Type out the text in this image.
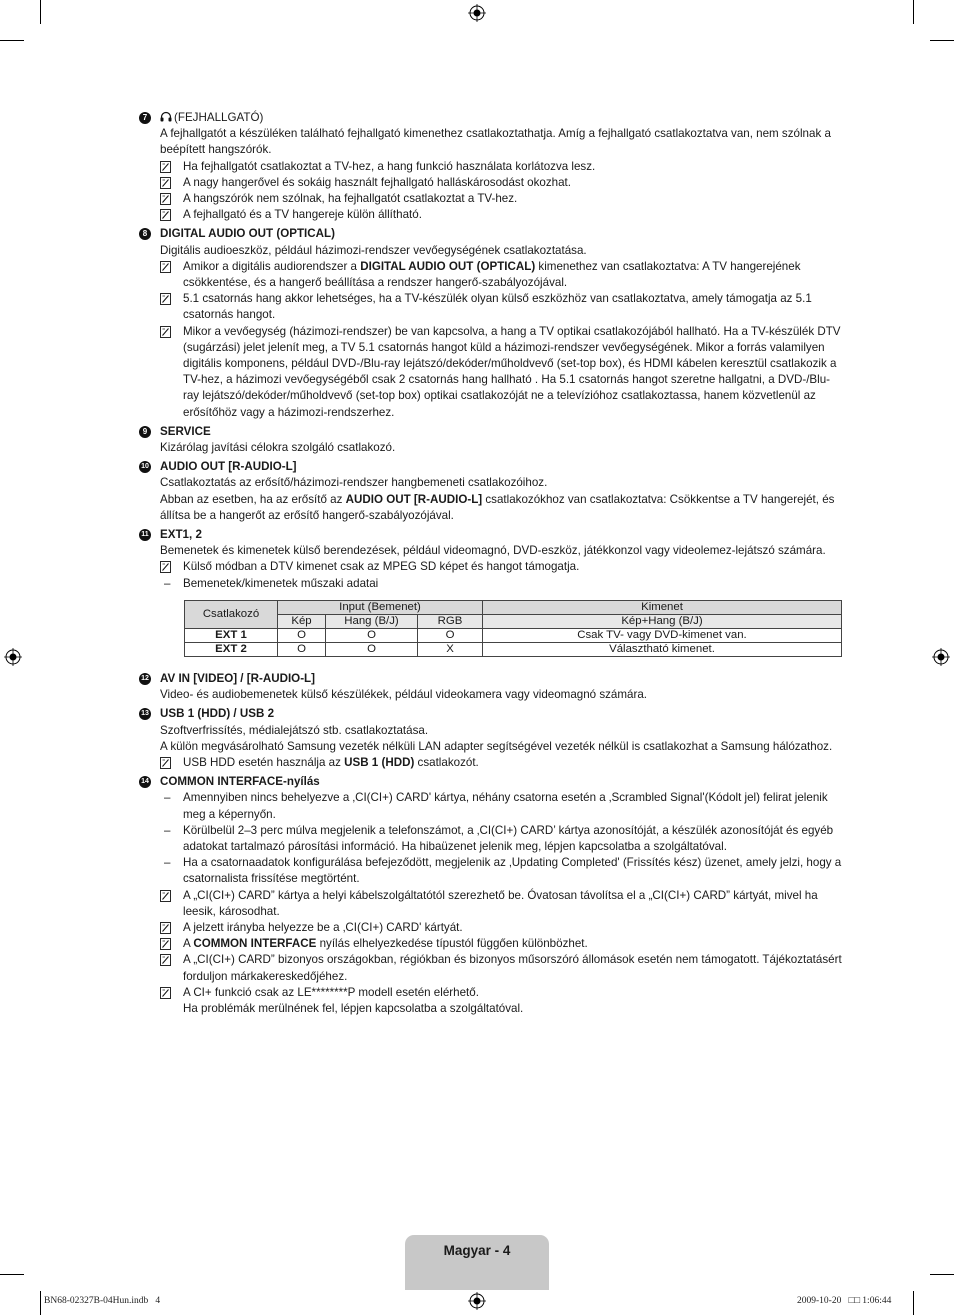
7	(FEJHALLGATÓ)
A fejhallgatót a készüléken található fejhallgató kimenethez csatlakoztathatja. Amíg a fejhallgató csatlakoztatva van, nem szólnak a beépített hangszórók.
Ha fejhallgatót csatlakoztat a TV-hez, a hang funkció használata korlátozva lesz.
A nagy hangerővel és sokáig használt fejhallgató halláskárosodást okozhat.
A hangszórók nem szólnak, ha fejhallgatót csatlakoztat a TV-hez.
A fejhallgató és a TV hangereje külön állítható.
8	DIGITAL AUDIO OUT (OPTICAL)
Digitális audioeszköz, például házimozi-rendszer vevőegységének csatlakoztatása.
Amikor a digitális audiorendszer a DIGITAL AUDIO OUT (OPTICAL) kimenethez van csatlakoztatva: A TV hangerejének csökkentése, és a hangerő beállítása a rendszer hangerő-szabályozójával.
5.1 csatornás hang akkor lehetséges, ha a TV-készülék olyan külső eszközhöz van csatlakoztatva, amely támogatja az 5.1 csatornás hangot.
Mikor a vevőegység (házimozi-rendszer) be van kapcsolva, a hang a TV optikai csatlakozójából hallható. Ha a TV-készülék DTV (sugárzási) jelet jelenít meg, a TV 5.1 csatornás hangot küld a házimozi-rendszer vevőegységének. Mikor a forrás valamilyen digitális komponens, például DVD-/Blu-ray lejátszó/dekóder/műholdvevő (set-top box), és HDMI kábelen keresztül csatlakozik a TV-hez, a házimozi vevőegységéből csak 2 csatornás hang hallható . Ha 5.1 csatornás hangot szeretne hallgatni, a DVD-/Blu-ray lejátszó/dekóder/műholdvevő (set-top box) optikai csatlakozóját ne a televízióhoz csatlakoztassa, hanem közvetlenül az erősítőhöz vagy a házimozi-rendszerhez.
9	SERVICE
Kizárólag javítási célokra szolgáló csatlakozó.
10 AUDIO OUT [R-AUDIO-L]
Csatlakoztatás az erősítő/házimozi-rendszer hangbemeneti csatlakozóihoz.
Abban az esetben, ha az erősítő az AUDIO OUT [R-AUDIO-L] csatlakozókhoz van csatlakoztatva: Csökkentse a TV hangerejét, és állítsa be a hangerőt az erősítő hangerő-szabályozójával.
11 EXT1, 2
Bemenetek és kimenetek külső berendezések, például videomagnó, DVD-eszköz, játékkonzol vagy videolemez-lejátszó számára.
Külső módban a DTV kimenet csak az MPEG SD képet és hangot támogatja.
– Bemenetek/kimenetek műszaki adatai
Csatlakozó	Input (Bemenet)			Kimenet
	Kép	Hang (B/J)	RGB	Kép+Hang (B/J)
EXT 1	O	O	O	Csak TV- vagy DVD-kimenet van.
EXT 2	O	O	X	Választható kimenet.
12 AV IN [VIDEO] / [R-AUDIO-L]
Video- és audiobemenetek külső készülékek, például videokamera vagy videomagnó számára.
13 USB 1 (HDD) / USB 2
Szoftverfrissítés, médialejátszó stb. csatlakoztatása.
A külön megvásárolható Samsung vezeték nélküli LAN adapter segítségével vezeték nélkül is csatlakozhat a Samsung hálózathoz.
USB HDD esetén használja az USB 1 (HDD) csatlakozót.
14 COMMON INTERFACE-nyílás
– Amennyiben nincs behelyezve a ‚CI(CI+) CARD' kártya, néhány csatorna esetén a ‚Scrambled Signal'(Kódolt jel) felirat jelenik meg a képernyőn.
– Körülbelül 2–3 perc múlva megjelenik a telefonszámot, a ‚CI(CI+) CARD’ kártya azonosítóját, a készülék azonosítóját és egyéb adatokat tartalmazó párosítási információ. Ha hibaüzenet jelenik meg, lépjen kapcsolatba a szolgáltatóval.
– Ha a csatornaadatok konfigurálása befejeződött, megjelenik az ‚Updating Completed' (Frissítés kész) üzenet, amely jelzi, hogy a csatornalista frissítése megtörtént.
A „CI(CI+) CARD” kártya a helyi kábelszolgáltatótól szerezhető be. Óvatosan távolítsa el a „CI(CI+) CARD” kártyát, mivel ha leesik, károsodhat.
A jelzett irányba helyezze be a ‚CI(CI+) CARD' kártyát.
A COMMON INTERFACE nyílás elhelyezkedése típustól függően különbözhet.
A „CI(CI+) CARD” bizonyos országokban, régiókban és bizonyos műsorszóró állomások esetén nem támogatott. Tájékoztatásért forduljon márkakereskedőjéhez.
A CI+ funkció csak az LE********P modell esetén elérhető.
Ha problémák merülnének fel, lépjen kapcsolatba a szolgáltatóval.
Magyar - 4
BN68-02327B-04Hun.indb   4	2009-10-20   □□ 1:06:44
